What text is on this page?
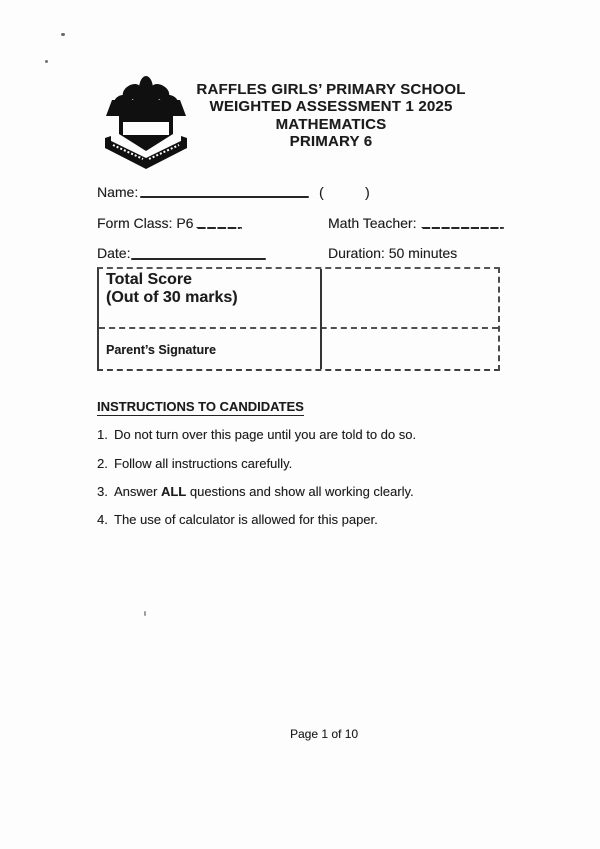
RAFFLES GIRLS’ PRIMARY SCHOOL
WEIGHTED ASSESSMENT 1 2025
MATHEMATICS
PRIMARY 6
Name:	(	)
Form Class: P6	Math Teacher:
Date:	Duration: 50 minutes
Total Score
(Out of 30 marks)
Parent’s Signature
INSTRUCTIONS TO CANDIDATES
1. Do not turn over this page until you are told to do so.
2. Follow all instructions carefully.
3. Answer ALL questions and show all working clearly.
4. The use of calculator is allowed for this paper.
Page 1 of 10
